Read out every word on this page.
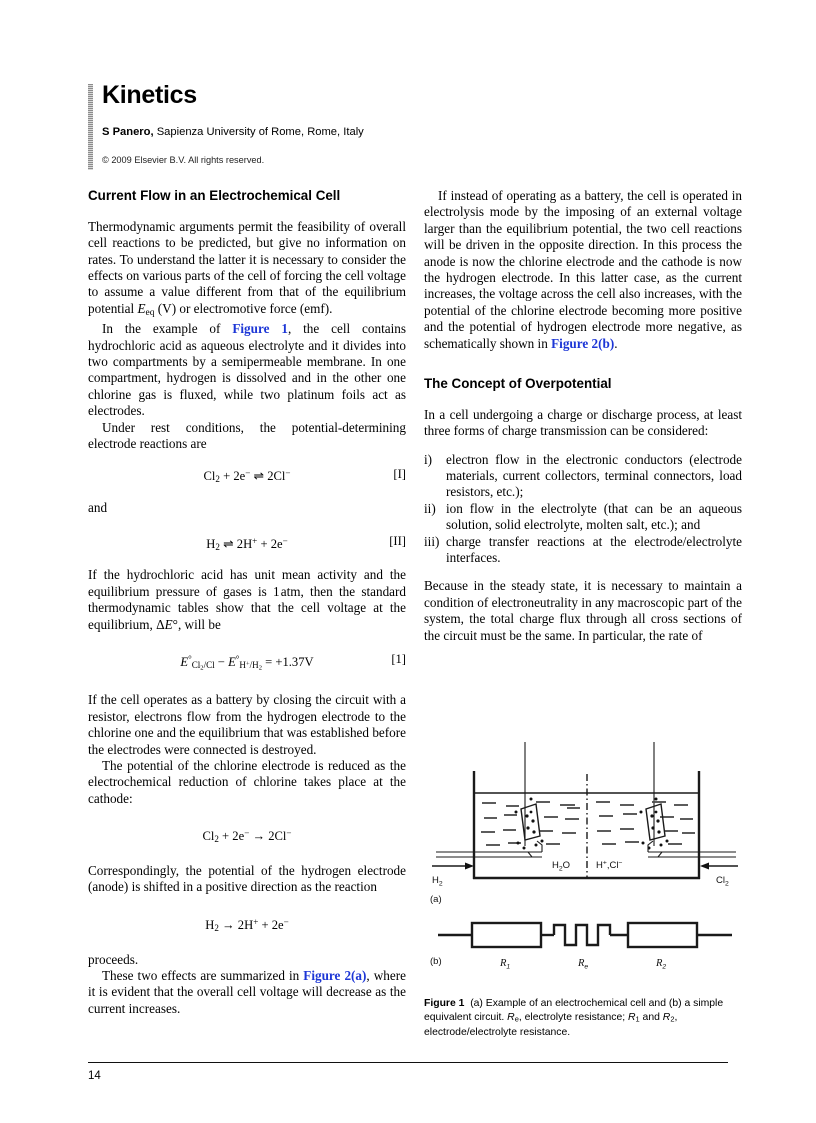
Kinetics
S Panero, Sapienza University of Rome, Rome, Italy
© 2009 Elsevier B.V. All rights reserved.
Current Flow in an Electrochemical Cell

Thermodynamic arguments permit the feasibility of overall cell reactions to be predicted, but give no information on rates. To understand the latter it is necessary to consider the effects on various parts of the cell of forcing the cell voltage to assume a value different from that of the equilibrium potential $E_{eq}$ (V) or electromotive force (emf).

In the example of Figure 1, the cell contains hydrochloric acid as aqueous electrolyte and it divides into two compartments by a semipermeable membrane. In one compartment, hydrogen is dissolved and in the other one chlorine gas is fluxed, while two platinum foils act as electrodes.

Under rest conditions, the potential-determining electrode reactions are

$Cl_2 + 2e^-$ ⇌ 2Cl−	[I]

and

$H_2$ ⇌ 2H+ + 2e−	[II]

If the hydrochloric acid has unit mean activity and the equilibrium pressure of gases is 1 atm, then the standard thermodynamic tables show that the cell voltage at the equilibrium, ΔE°, will be

$E^\circ_{Cl_2/Cl} - E^\circ_{H^+/H_2} = +1.37V$	[1]

If the cell operates as a battery by closing the circuit with a resistor, electrons flow from the hydrogen electrode to the chlorine one and the equilibrium that was established before the electrodes were connected is destroyed.

The potential of the chlorine electrode is reduced as the electrochemical reduction of chlorine takes place at the cathode:

$Cl_2 + 2e^- \to 2Cl^-$

Correspondingly, the potential of the hydrogen electrode (anode) is shifted in a positive direction as the reaction

$H_2 \to 2H^+ + 2e^-$

proceeds.

These two effects are summarized in Figure 2(a), where it is evident that the overall cell voltage will decrease as the current increases.

If instead of operating as a battery, the cell is operated in electrolysis mode by the imposing of an external voltage larger than the equilibrium potential, the two cell reactions will be driven in the opposite direction. In this process the anode is now the chlorine electrode and the cathode is now the hydrogen electrode. In this latter case, as the current increases, the voltage across the cell also increases, with the potential of the chlorine electrode becoming more positive and the potential of hydrogen electrode more negative, as schematically shown in Figure 2(b).

The Concept of Overpotential

In a cell undergoing a charge or discharge process, at least three forms of charge transmission can be considered:

i) electron flow in the electronic conductors (electrode materials, current collectors, terminal connectors, load resistors, etc.);
ii) ion flow in the electrolyte (that can be an aqueous solution, solid electrolyte, molten salt, etc.); and
iii) charge transfer reactions at the electrode/electrolyte interfaces.

Because in the steady state, it is necessary to maintain a condition of electroneutrality in any macroscopic part of the system, the total charge flux through all cross sections of the circuit must be the same. In particular, the rate of

$H_2$	$Cl_2$
$H_2O$	H+,Cl−
(a)
$R_1$	$R_e$	$R_2$
(b)
Figure 1  (a) Example of an electrochemical cell and (b) a simple equivalent circuit. $R_e$, electrolyte resistance; $R_1$ and $R_2$, electrode/electrolyte resistance.
14
